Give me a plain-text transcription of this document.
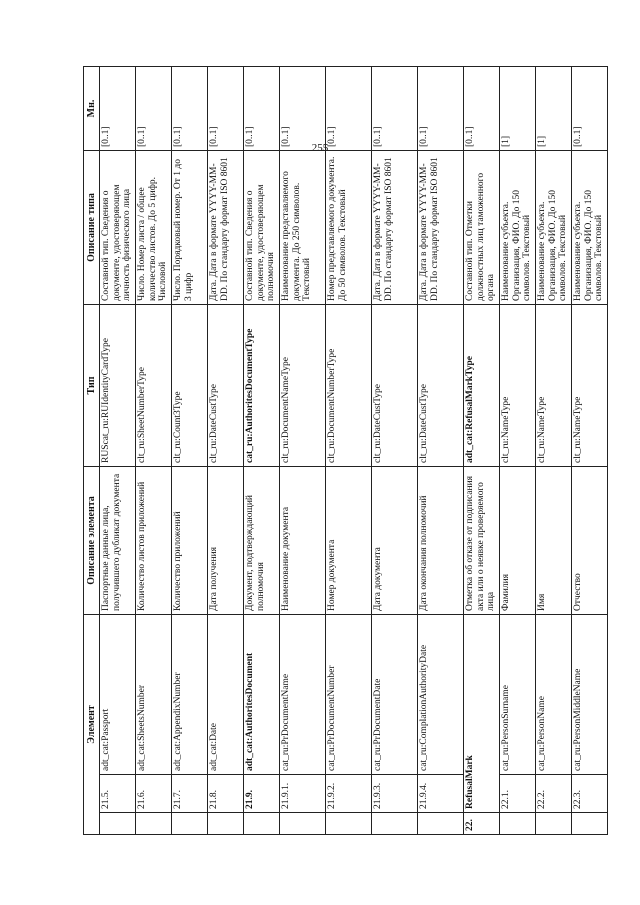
255
Элемент			Описание элемента	Тип	Описание типа	Мн.
	21.5.	adt_cat:Passport	Паспортные данные лица, получившего дубликат документа	RUScat_ru:RUIdentityCardType	Составной тип. Сведения о документе, удостоверяющем личность физического лица	[0..1]
	21.6.	adt_cat:SheetsNumber	Количество листов приложений	clt_ru:SheetNumberType	Число. Номер листа / общее количество листов. До 5 цифр. Числовой	[0..1]
	21.7.	adt_cat:AppendixNumber	Количество приложений	clt_ru:Count3Type	Число. Порядковый номер. От 1 до 3 цифр	[0..1]
	21.8.	adt_cat:Date	Дата получения	clt_ru:DateCustType	Дата. Дата в формате YYYY-MM-DD. По стандарту формат ISO 8601	[0..1]
	21.9.	adt_cat:AuthoritesDocument	Документ, подтверждающий полномочия	cat_ru:AuthoritesDocumentType	Составной тип. Сведения о документе, удостоверяющем полномочия	[0..1]
	21.9.1.	cat_ru:PrDocumentName	Наименование документа	clt_ru:DocumentNameType	Наименование представляемого документа. До 250 символов. Текстовый	[0..1]
	21.9.2.	cat_ru:PrDocumentNumber	Номер документа	clt_ru:DocumentNumberType	Номер представляемого документа. До 50 символов. Текстовый	[0..1]
	21.9.3.	cat_ru:PrDocumentDate	Дата документа	clt_ru:DateCustType	Дата. Дата в формате YYYY-MM-DD. По стандарту формат ISO 8601	[0..1]
	21.9.4.	cat_ru:ComplationAuthorityDate	Дата окончания полномочий	clt_ru:DateCustType	Дата. Дата в формате YYYY-MM-DD. По стандарту формат ISO 8601	[0..1]
22.	RefusalMark		Отметка об отказе от подписания акта или о неявке проверяемого лица	adt_cat:RefusalMarkType	Составной тип. Отметки должностных лиц таможенного органа	[0..1]
	22.1.	cat_ru:PersonSurname	Фамилия	clt_ru:NameType	Наименование субъекта. Организация, ФИО. До 150 символов. Текстовый	[1]
	22.2.	cat_ru:PersonName	Имя	clt_ru:NameType	Наименование субъекта. Организация, ФИО. До 150 символов. Текстовый	[1]
	22.3.	cat_ru:PersonMiddleName	Отчество	clt_ru:NameType	Наименование субъекта. Организация, ФИО. До 150 символов. Текстовый	[0..1]
